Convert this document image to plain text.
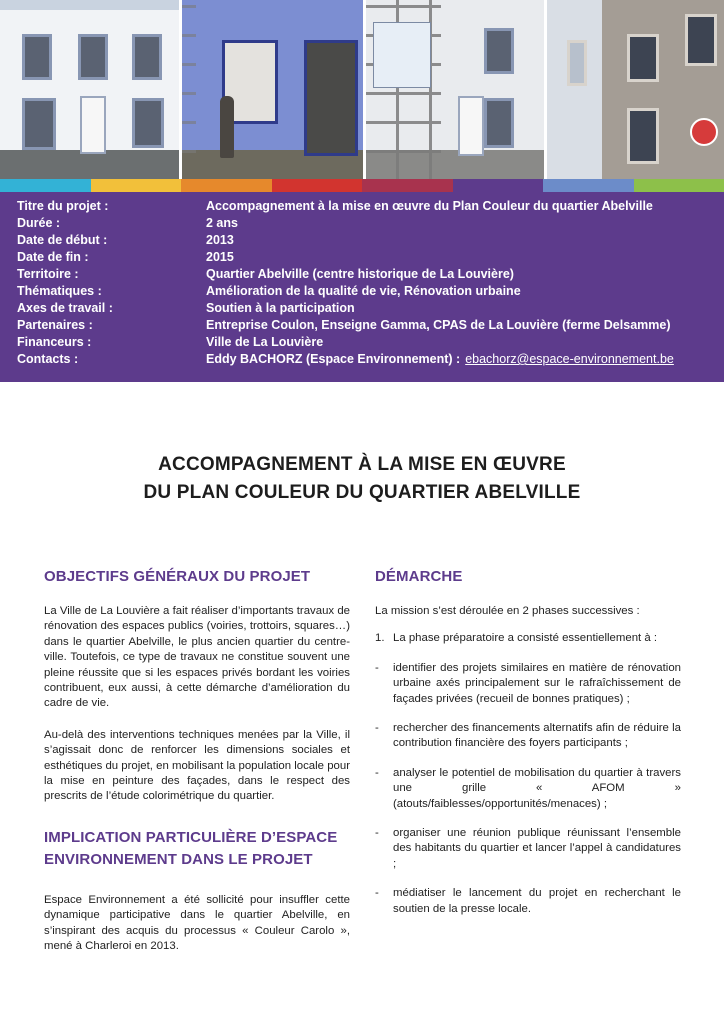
Titre du projet :	Accompagnement à la mise en œuvre du Plan Couleur du quartier Abelville
Durée :	2 ans
Date de début :	2013
Date de fin :	2015
Territoire :	Quartier Abelville (centre historique de La Louvière)
Thématiques :	Amélioration de la qualité de vie, Rénovation urbaine
Axes de travail :	Soutien à la participation
Partenaires :	Entreprise Coulon, Enseigne Gamma, CPAS de La Louvière (ferme Delsamme)
Financeurs :	Ville de La Louvière
Contacts :	Eddy BACHORZ (Espace Environnement) : ebachorz@espace-environnement.be
ACCOMPAGNEMENT À LA MISE EN ŒUVRE
DU PLAN COULEUR DU QUARTIER ABELVILLE
OBJECTIFS GÉNÉRAUX DU PROJET

La Ville de La Louvière a fait réaliser d’importants travaux de rénovation des espaces publics (voiries, trottoirs, squares…) dans le quartier Abelville, le plus ancien quartier du centre-ville. Toutefois, ce type de travaux ne constitue souvent une pleine réussite que si les espaces privés bordant les voiries contribuent, eux aussi, à cette démarche d’amélioration du cadre de vie.

Au-delà des interventions techniques menées par la Ville, il s’agissait donc de renforcer les dimensions sociales et esthétiques du projet, en mobilisant la population locale pour la mise en peinture des façades, dans le respect des prescrits de l’étude colorimétrique du quartier.

IMPLICATION PARTICULIÈRE D’ESPACE
ENVIRONNEMENT DANS LE PROJET

Espace Environnement a été sollicité pour insuffler cette dynamique participative dans le quartier Abelville, en s’inspirant des acquis du processus « Couleur Carolo », mené à Charleroi en 2013.

DÉMARCHE

La mission s’est déroulée en 2 phases successives :

1. La phase préparatoire a consisté essentiellement à :
- identifier des projets similaires en matière de rénovation urbaine axés principalement sur le rafraîchissement de façades privées (recueil de bonnes pratiques) ;
- rechercher des financements alternatifs afin de réduire la contribution financière des foyers participants ;
- analyser le potentiel de mobilisation du quartier à travers une grille « AFOM » (atouts/faiblesses/opportunités/menaces) ;
- organiser une réunion publique réunissant l’ensemble des habitants du quartier et lancer l’appel à candidatures ;
- médiatiser le lancement du projet en recherchant le soutien de la presse locale.
